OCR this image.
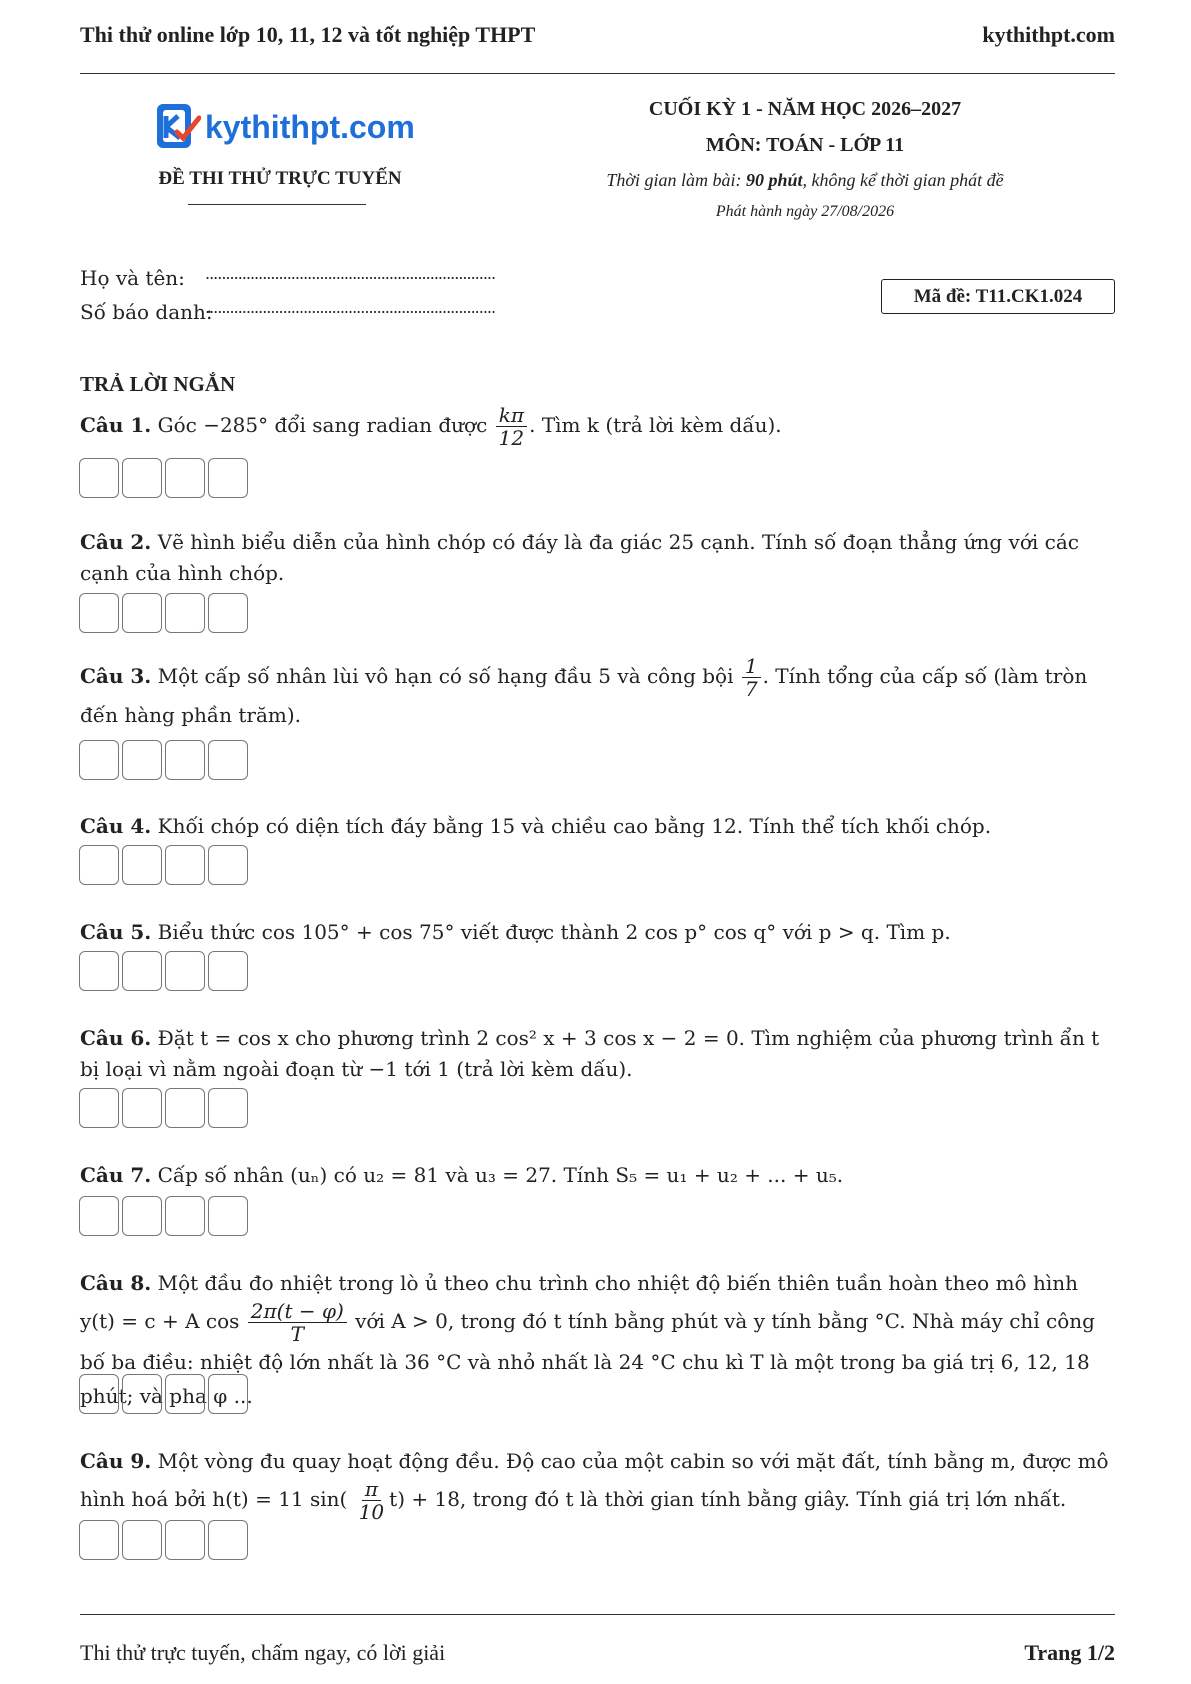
Thi thử online lớp 10, 11, 12 và tốt nghiệp THPT	kythithpt.com
kythithpt.com
ĐỀ THI THỬ TRỰC TUYẾN
CUỐI KỲ 1 - NĂM HỌC 2026–2027
MÔN: TOÁN - LỚP 11
Thời gian làm bài: 90 phút, không kể thời gian phát đề
Phát hành ngày 27/08/2026
Họ và tên: .......................................................................
Số báo danh:
.......................................................................
Mã đề: T11.CK1.024
TRẢ LỜI NGẮN
Câu 1. Góc −285° đổi sang radian được $\frac{k\pi}{12}$ . Tìm k (trả lời kèm dấu).
Câu 2. Vẽ hình biểu diễn của hình chóp có đáy là đa giác 25 cạnh. Tính số đoạn thẳng ứng với các cạnh của hình chóp.
Câu 3. Một cấp số nhân lùi vô hạn có số hạng đầu 5 và công bội $\frac{1}{7}$ . Tính tổng của cấp số (làm tròn đến hàng phần trăm).
Câu 4. Khối chóp có diện tích đáy bằng 15 và chiều cao bằng 12. Tính thể tích khối chóp.
Câu 5. Biểu thức cos 105° + cos 75° viết được thành 2 cos p° cos q° với p > q. Tìm p.
Câu 6. Đặt t = cos x cho phương trình 2 cos² x + 3 cos x − 2 = 0. Tìm nghiệm của phương trình ẩn t bị loại vì nằm ngoài đoạn từ −1 tới 1 (trả lời kèm dấu).
Câu 7. Cấp số nhân (uₙ) có u₂ = 81 và u₃ = 27. Tính S₅ = u₁ + u₂ + ... + u₅.
Câu 8. Một đầu đo nhiệt trong lò ủ theo chu trình cho nhiệt độ biến thiên tuần hoàn theo mô hình y(t) = c + A $\cos \frac{2\pi(t - \varphi)}{T}$ với A > 0, trong đó t tính bằng phút và y tính bằng °C. Nhà máy chỉ công bố ba điều: nhiệt độ lớn nhất là 36 °C và nhỏ nhất là 24 °C chu kì T là một trong ba giá trị 6, 12, 18 phút; và pha φ ...
Câu 9. Một vòng đu quay hoạt động đều. Độ cao của một cabin so với mặt đất, tính bằng m, được mô hình hoá bởi h(t) = 11 $\sin( \frac{\pi}{10} t) + 18$, trong đó t là thời gian tính bằng giây. Tính giá trị lớn nhất.
Thi thử trực tuyến, chấm ngay, có lời giải	Trang 1/2
